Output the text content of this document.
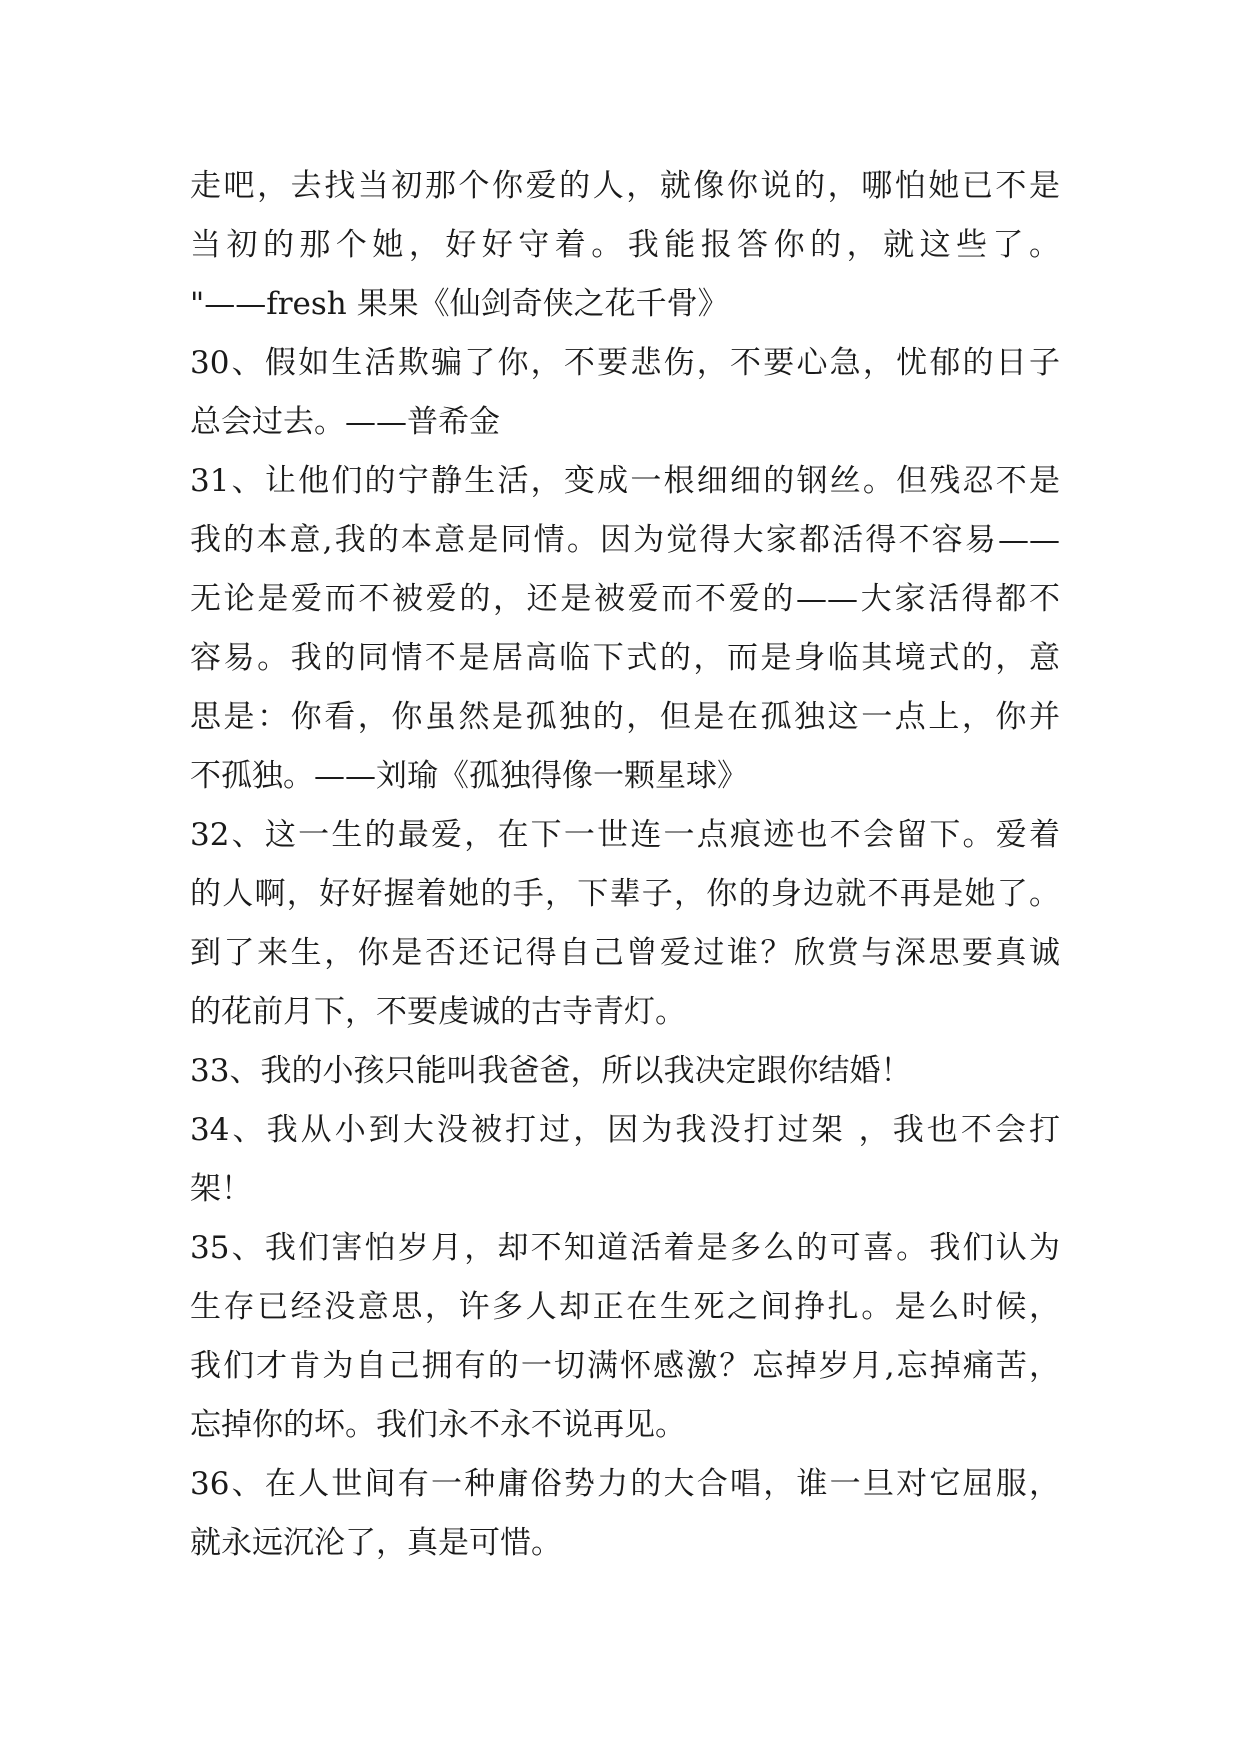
走吧，去找当初那个你爱的人，就像你说的，哪怕她已不是
当初的那个她，好好守着。我能报答你的，就这些了。
"——fresh 果果《仙剑奇侠之花千骨》
30、假如生活欺骗了你，不要悲伤，不要心急，忧郁的日子
总会过去。——普希金
31、让他们的宁静生活，变成一根细细的钢丝。但残忍不是
我的本意,我的本意是同情。因为觉得大家都活得不容易——
无论是爱而不被爱的，还是被爱而不爱的——大家活得都不
容易。我的同情不是居高临下式的，而是身临其境式的，意
思是：你看，你虽然是孤独的，但是在孤独这一点上，你并
不孤独。——刘瑜《孤独得像一颗星球》
32、这一生的最爱，在下一世连一点痕迹也不会留下。爱着
的人啊，好好握着她的手，下辈子，你的身边就不再是她了。
到了来生，你是否还记得自己曾爱过谁？欣赏与深思要真诚
的花前月下，不要虔诚的古寺青灯。
33、我的小孩只能叫我爸爸，所以我决定跟你结婚！
34、我从小到大没被打过，因为我没打过架 ，我也不会打
架！
35、我们害怕岁月，却不知道活着是多么的可喜。我们认为
生存已经没意思，许多人却正在生死之间挣扎。是么时候，
我们才肯为自己拥有的一切满怀感激？忘掉岁月,忘掉痛苦，
忘掉你的坏。我们永不永不说再见。
36、在人世间有一种庸俗势力的大合唱，谁一旦对它屈服，
就永远沉沦了，真是可惜。
